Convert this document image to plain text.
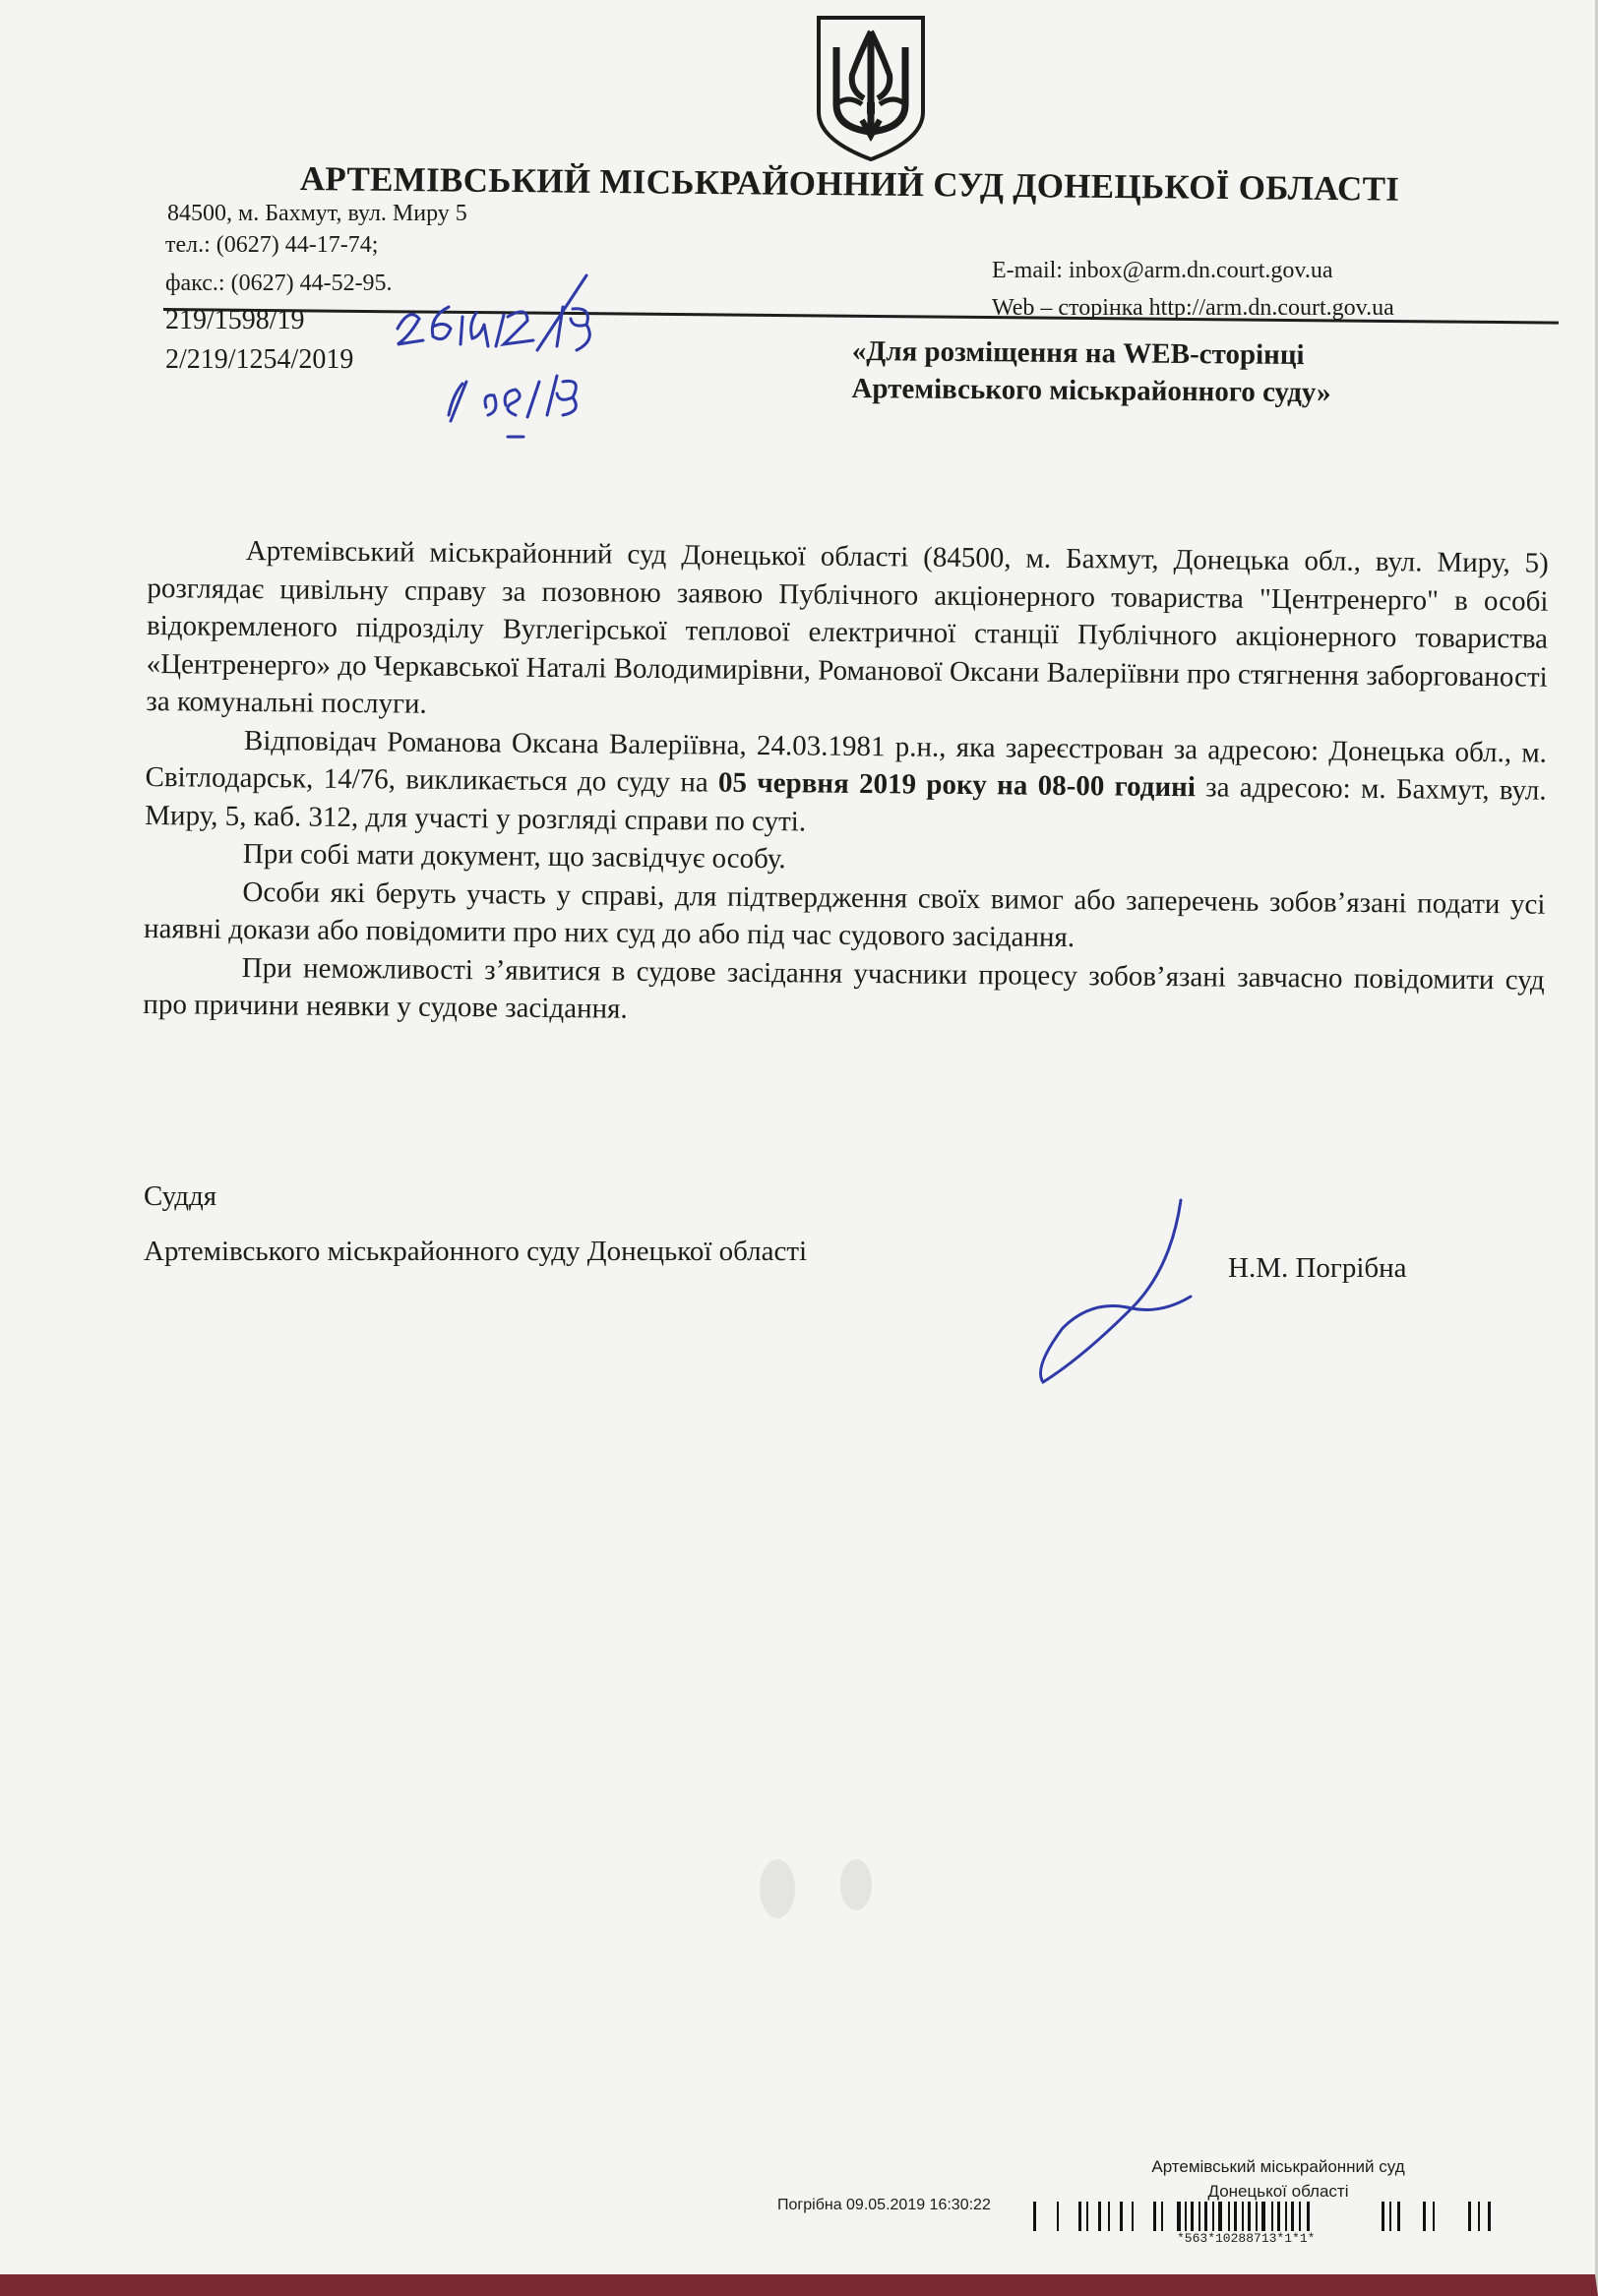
АРТЕМІВСЬКИЙ МІСЬКРАЙОННИЙ СУД ДОНЕЦЬКОЇ ОБЛАСТІ
84500, м. Бахмут, вул. Миру 5
тел.: (0627) 44-17-74;
факс.: (0627) 44-52-95.	E-mail: inbox@arm.dn.court.gov.ua
Web – сторінка http://arm.dn.court.gov.ua
219/1598/19
2/219/1254/2019	«Для розміщення на WEB-сторінці
Артемівського міськрайонного суду»

Артемівський міськрайонний суд Донецької області (84500, м. Бахмут, Донецька обл., вул. Миру, 5) розглядає цивільну справу за позовною заявою Публічного акціонерного товариства "Центренерго" в особі відокремленого підрозділу Вуглегірської теплової електричної станції Публічного акціонерного товариства «Центренерго» до Черкавської Наталі Володимирівни, Романової Оксани Валеріївни про стягнення заборгованості за комунальні послуги.

Відповідач Романова Оксана Валеріївна, 24.03.1981 р.н., яка зареєстрован за адресою: Донецька обл., м. Світлодарськ, 14/76, викликається до суду на 05 червня 2019 року на 08-00 годині за адресою: м. Бахмут, вул. Миру, 5, каб. 312, для участі у розгляді справи по суті.

При собі мати документ, що засвідчує особу.

Особи які беруть участь у справі, для підтвердження своїх вимог або заперечень зобов’язані подати усі наявні докази або повідомити про них суд до або під час судового засідання.

При неможливості з’явитися в судове засідання учасники процесу зобов’язані завчасно повідомити суд про причини неявки у судове засідання.

Суддя
Артемівського міськрайонного суду Донецької області
Н.М. Погрібна
Артемівський міськрайонний суд
Донецької області
Погрібна 09.05.2019 16:30:22
*563*10288713*1*1*
